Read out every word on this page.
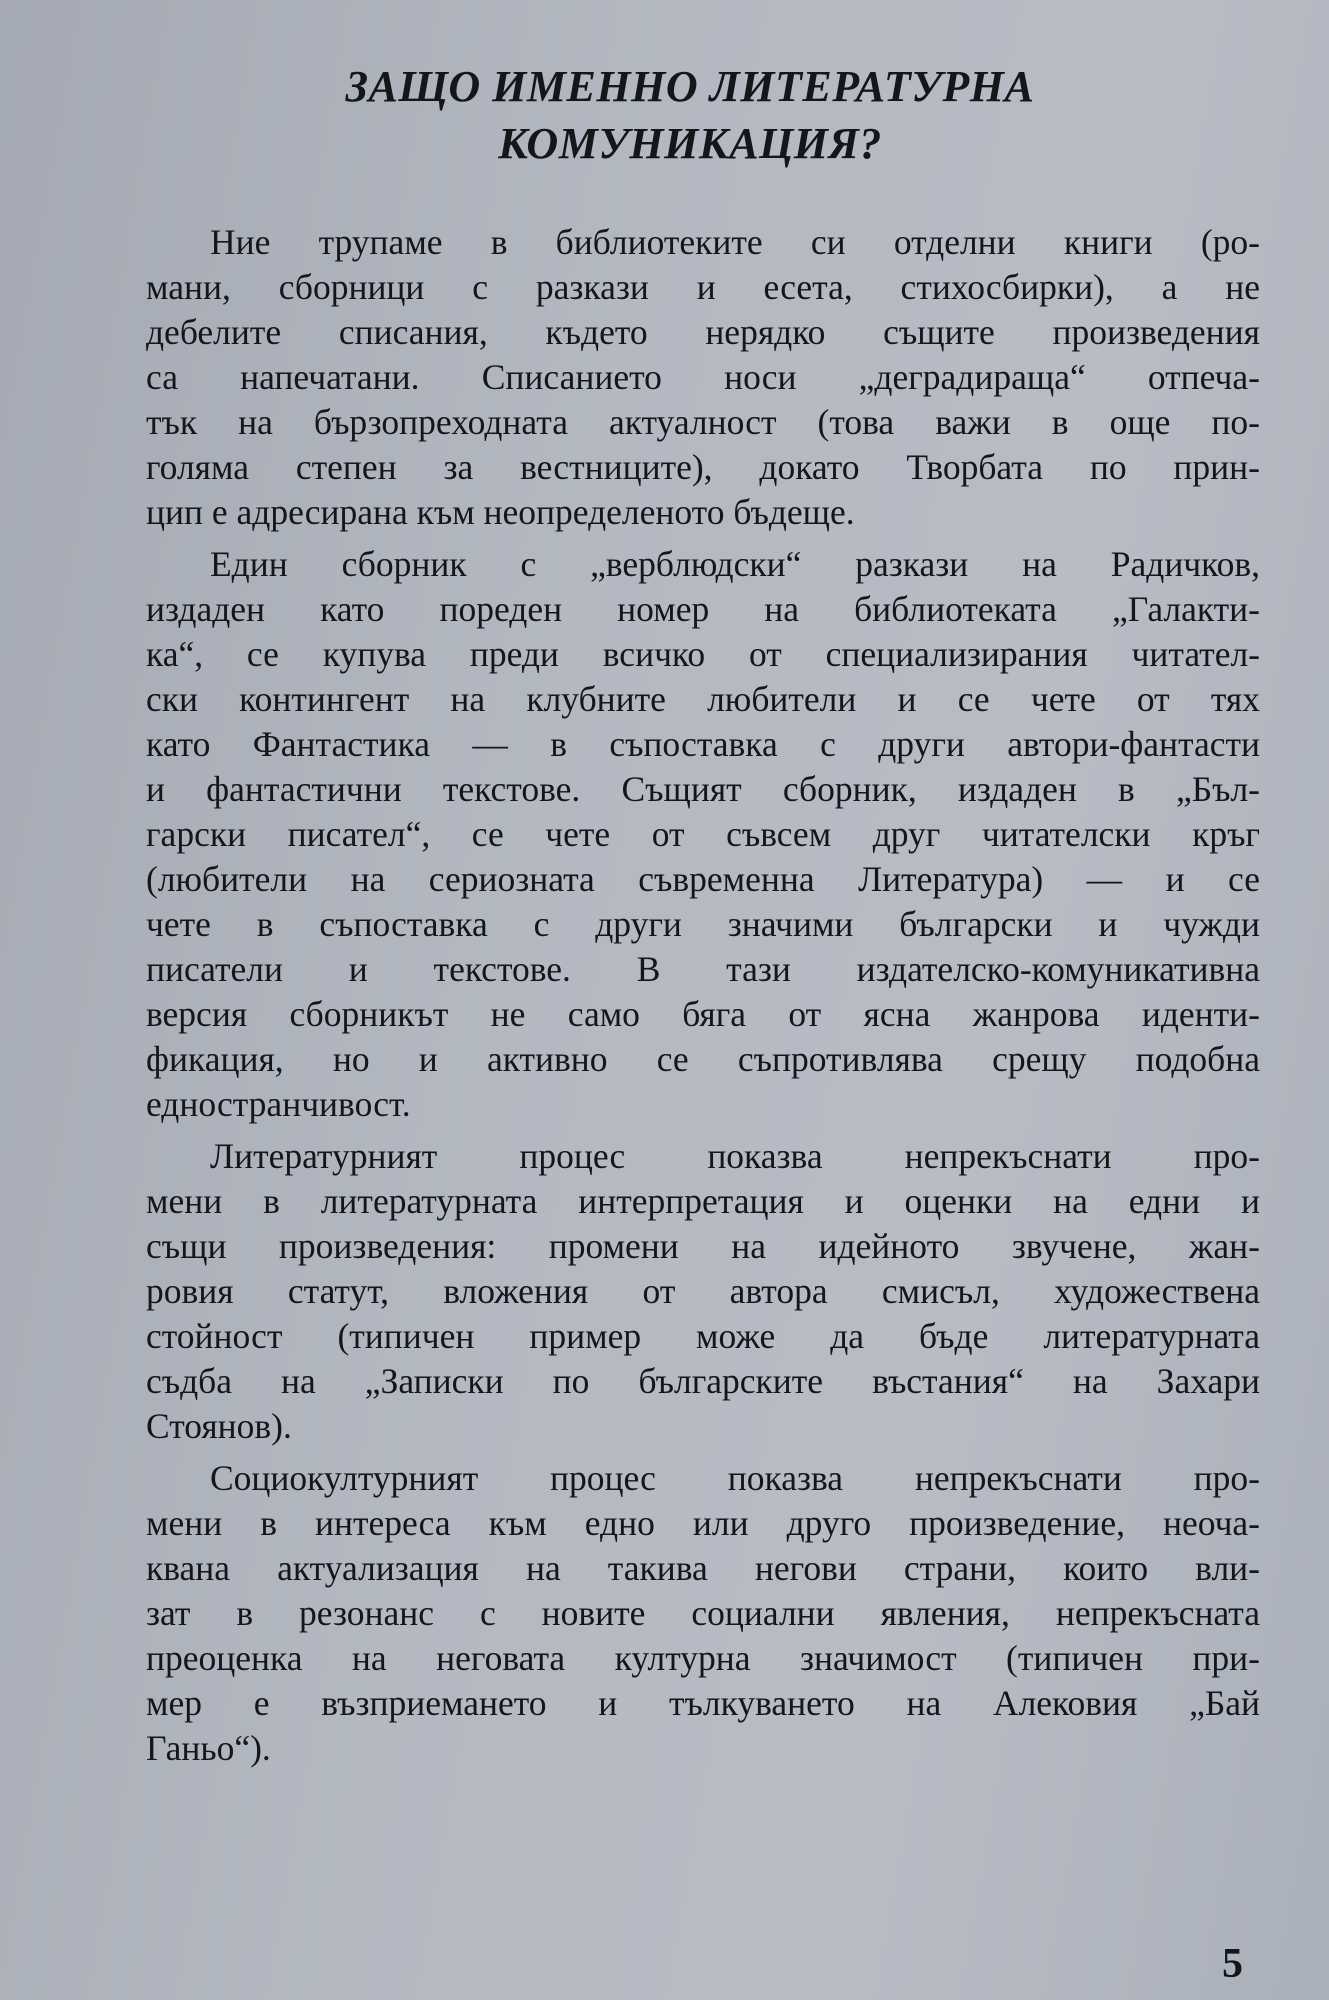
ЗАЩО ИМЕННО ЛИТЕРАТУРНА
КОМУНИКАЦИЯ?

Ние трупаме в библиотеките си отделни книги (ро-
мани, сборници с разкази и есета, стихосбирки), а не
дебелите списания, където нерядко същите произведения
са напечатани. Списанието носи „деградираща“ отпеча-
тък на бързопреходната актуалност (това важи в още по-
голяма степен за вестниците), докато Творбата по прин-
цип е адресирана към неопределеното бъдеще.

Един сборник с „верблюдски“ разкази на Радичков,
издаден като пореден номер на библиотеката „Галакти-
ка“, се купува преди всичко от специализирания читател-
ски контингент на клубните любители и се чете от тях
като Фантастика — в съпоставка с други автори-фантасти
и фантастични текстове. Същият сборник, издаден в „Бъл-
гарски писател“, се чете от съвсем друг читателски кръг
(любители на сериозната съвременна Литература) — и се
чете в съпоставка с други значими български и чужди
писатели и текстове. В тази издателско-комуникативна
версия сборникът не само бяга от ясна жанрова иденти-
фикация, но и активно се съпротивлява срещу подобна
едностранчивост.

Литературният процес показва непрекъснати про-
мени в литературната интерпретация и оценки на едни и
същи произведения: промени на идейното звучене, жан-
ровия статут, вложения от автора смисъл, художествена
стойност (типичен пример може да бъде литературната
съдба на „Записки по българските въстания“ на Захари
Стоянов).

Социокултурният процес показва непрекъснати про-
мени в интереса към едно или друго произведение, неоча-
квана актуализация на такива негови страни, които вли-
зат в резонанс с новите социални явления, непрекъсната
преоценка на неговата културна значимост (типичен при-
мер е възприемането и тълкуването на Алековия „Бай
Ганьо“).

5
